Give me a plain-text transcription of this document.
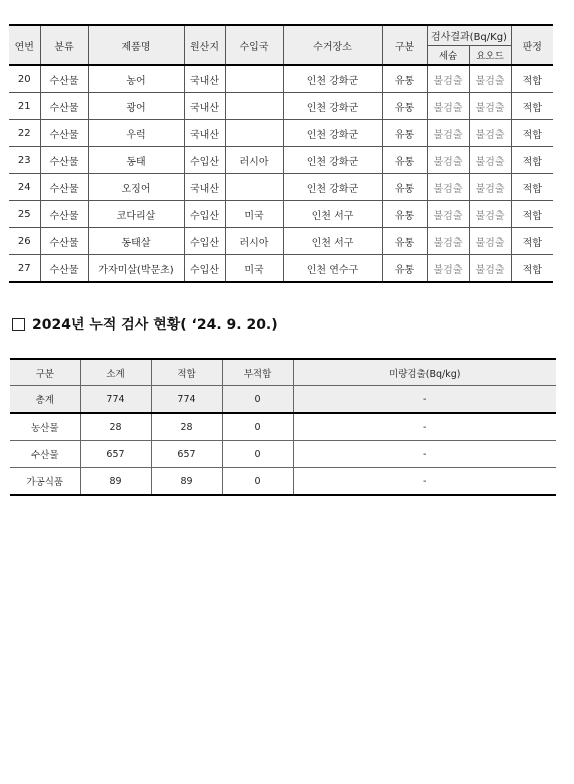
연번	분류	제품명	원산지	수입국	수거장소	구분	검사결과(Bq/Kg)		판정
							세슘	요오드	
20	수산물	농어	국내산		인천 강화군	유통	불검출	불검출	적합
21	수산물	광어	국내산		인천 강화군	유통	불검출	불검출	적합
22	수산물	우럭	국내산		인천 강화군	유통	불검출	불검출	적합
23	수산물	동태	수입산	러시아	인천 강화군	유통	불검출	불검출	적합
24	수산물	오징어	국내산		인천 강화군	유통	불검출	불검출	적합
25	수산물	코다리살	수입산	미국	인천 서구	유통	불검출	불검출	적합
26	수산물	동태살	수입산	러시아	인천 서구	유통	불검출	불검출	적합
27	수산물	가자미살(박문초)	수입산	미국	인천 연수구	유통	불검출	불검출	적합
2024년 누적 검사 현황( ‘24. 9. 20.)
구분	소계	적합	부적합	미량검출(Bq/kg)
총계	774	774	0	-
농산물	28	28	0	-
수산물	657	657	0	-
가공식품	89	89	0	-
